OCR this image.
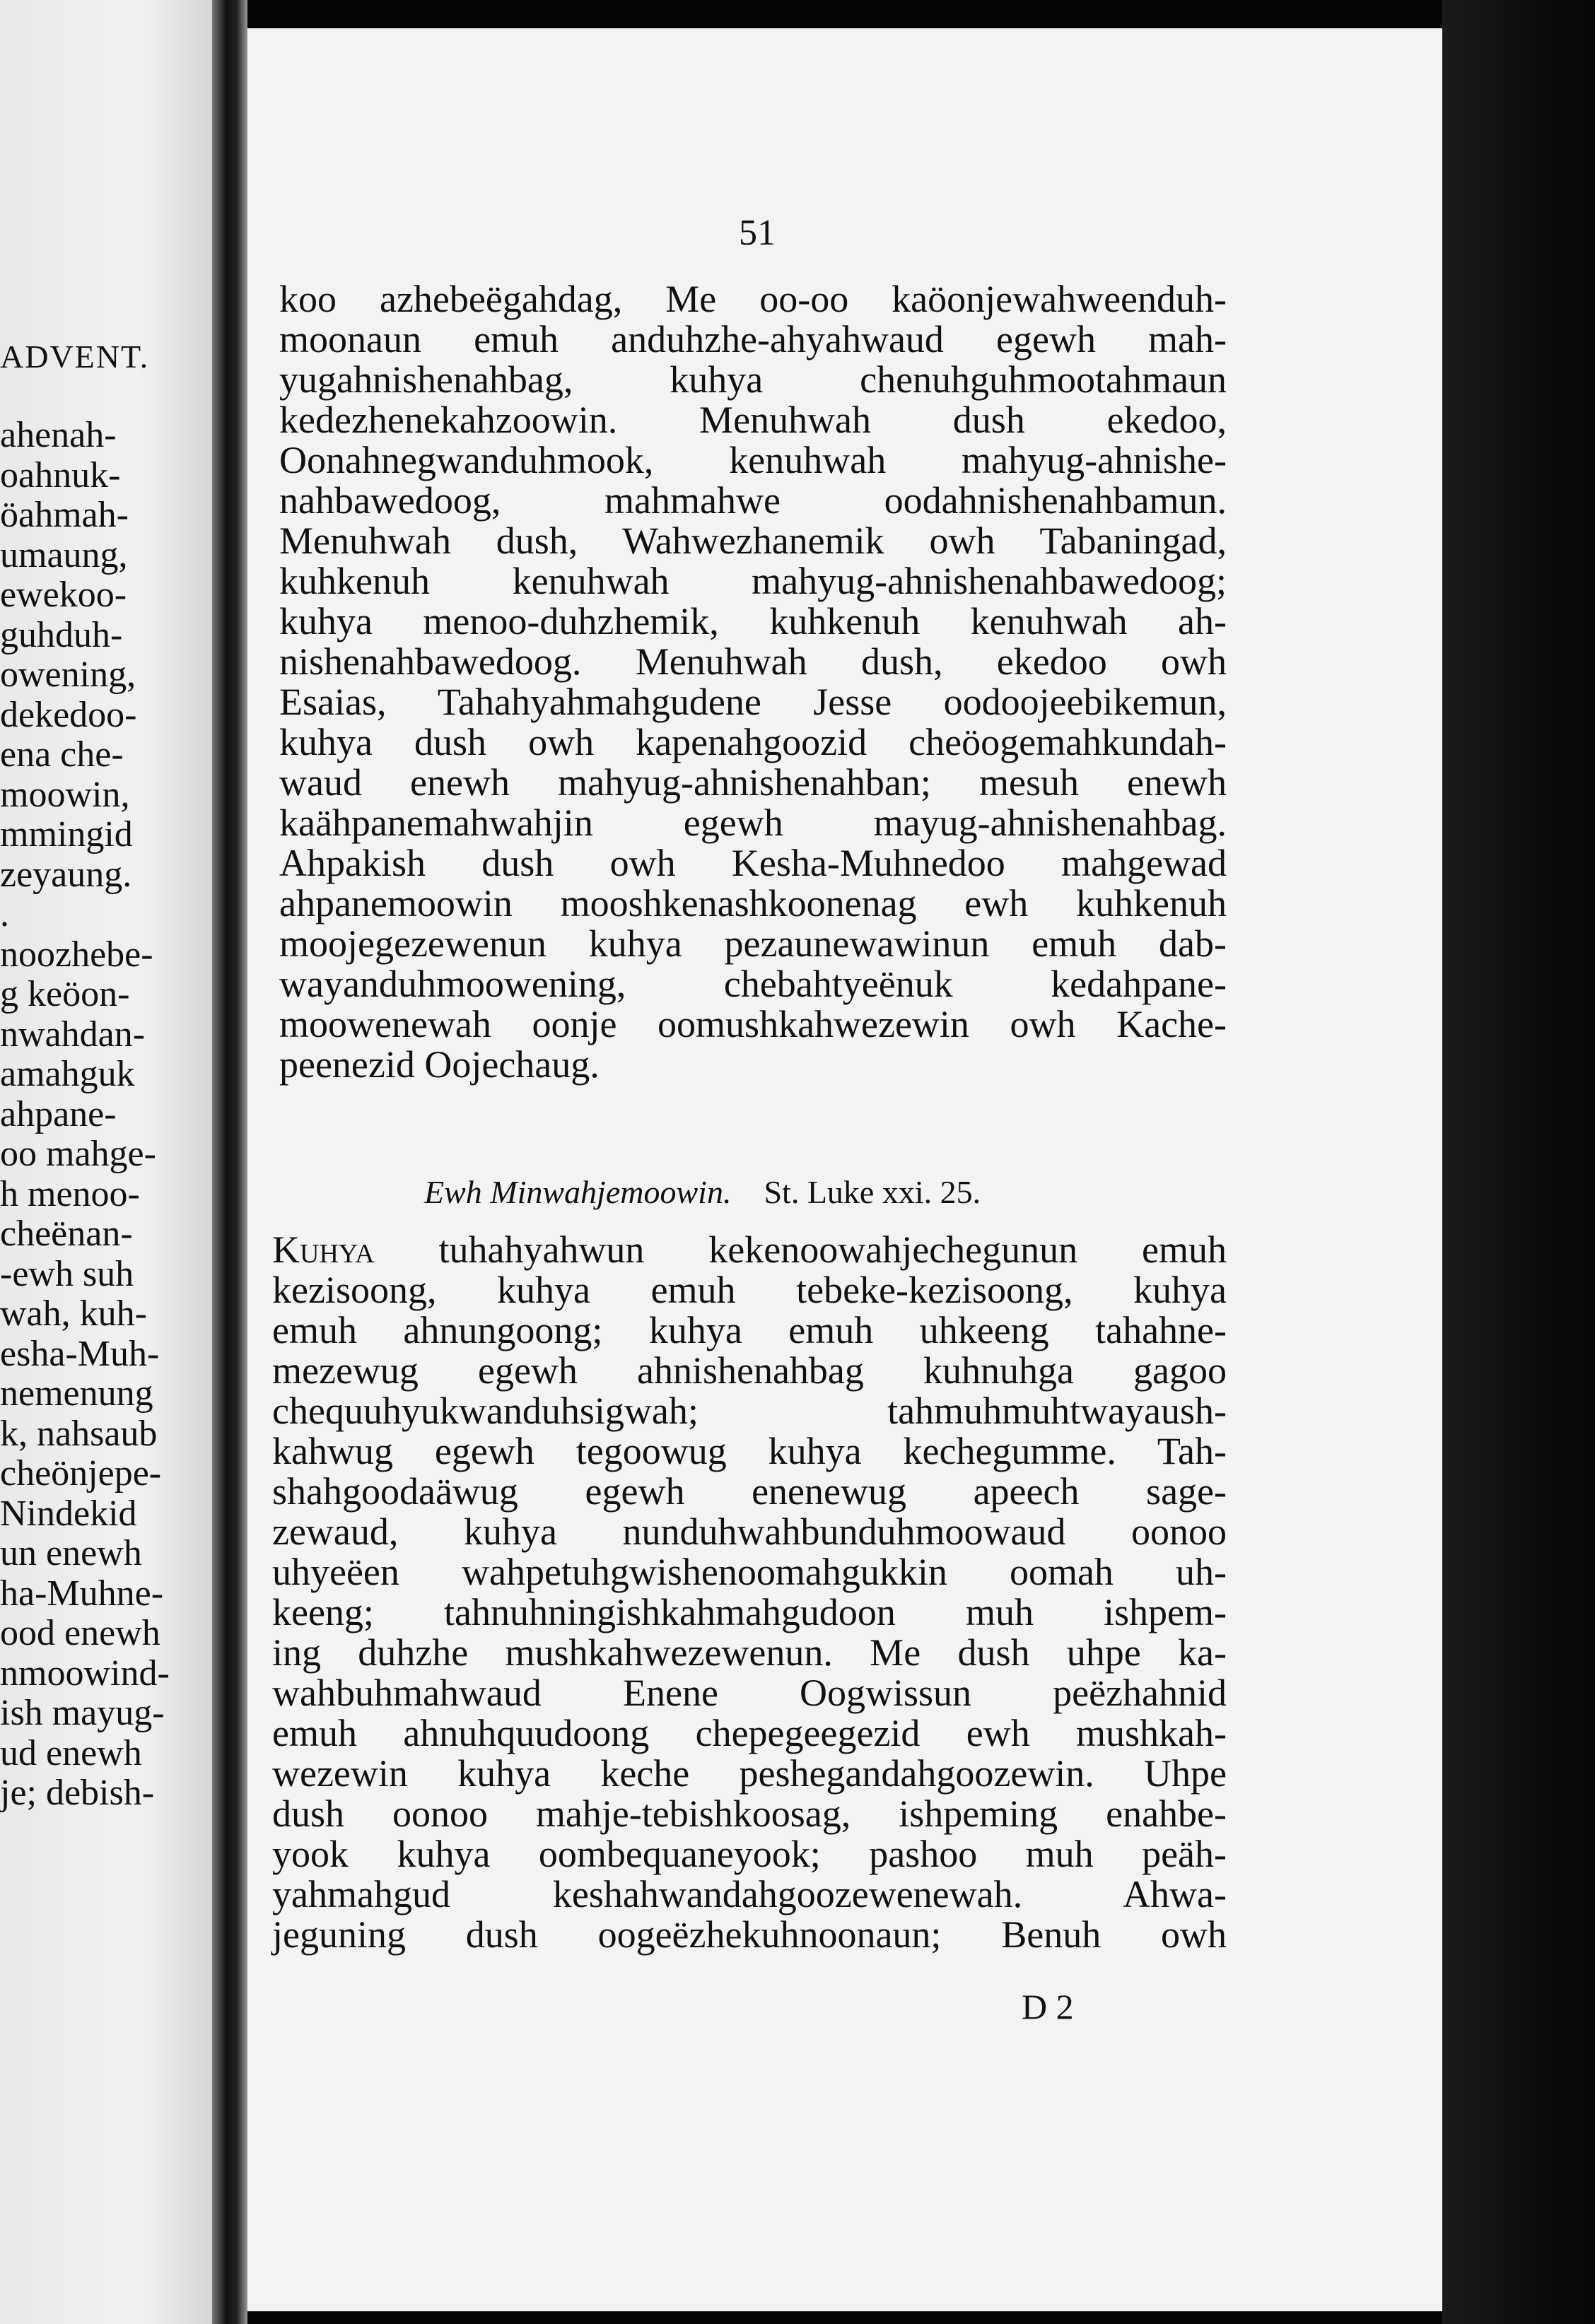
ADVENT.
ahenah-
oahnuk-
öahmah-
umaung,
ewekoo-
guhduh-
owening,
dekedoo-
ena che-
moowin,
mmingid
zeyaung.
.
noozhebe-
g keöon-
nwahdan-
amahguk
ahpane-
oo mahge-
h menoo-
cheënan-
-ewh suh
wah, kuh-
esha-Muh-
nemenung
k, nahsaub
cheönjepe-
Nindekid
un enewh
ha-Muhne-
ood enewh
nmoowind-
ish mayug-
ud enewh
je; debish-
51
koo azhebeëgahdag, Me oo-oo kaöonjewahweenduh-
moonaun emuh anduhzhe-ahyahwaud egewh mah-
yugahnishenahbag, kuhya chenuhguhmootahmaun
kedezhenekahzoowin. Menuhwah dush ekedoo,
Oonahnegwanduhmook, kenuhwah mahyug-ahnishe-
nahbawedoog, mahmahwe oodahnishenahbamun.
Menuhwah dush, Wahwezhanemik owh Tabaningad,
kuhkenuh kenuhwah mahyug-ahnishenahbawedoog;
kuhya menoo-duhzhemik, kuhkenuh kenuhwah ah-
nishenahbawedoog. Menuhwah dush, ekedoo owh
Esaias, Tahahyahmahgudene Jesse oodoojeebikemun,
kuhya dush owh kapenahgoozid cheöogemahkundah-
waud enewh mahyug-ahnishenahban; mesuh enewh
kaähpanemahwahjin egewh mayug-ahnishenahbag.
Ahpakish dush owh Kesha-Muhnedoo mahgewad
ahpanemoowin mooshkenashkoonenag ewh kuhkenuh
moojegezewenun kuhya pezaunewawinun emuh dab-
wayanduhmoowening, chebahtyeënuk kedahpane-
moowenewah oonje oomushkahwezewin owh Kache-
peenezid Oojechaug.
Ewh Minwahjemoowin. St. Luke xxi. 25.
Kuhya tuhahyahwun kekenoowahjechegunun emuh
kezisoong, kuhya emuh tebeke-kezisoong, kuhya
emuh ahnungoong; kuhya emuh uhkeeng tahahne-
mezewug egewh ahnishenahbag kuhnuhga gagoo
chequuhyukwanduhsigwah; tahmuhmuhtwayaush-
kahwug egewh tegoowug kuhya kechegumme. Tah-
shahgoodaäwug egewh enenewug apeech sage-
zewaud, kuhya nunduhwahbunduhmoowaud oonoo
uhyeëen wahpetuhgwishenoomahgukkin oomah uh-
keeng; tahnuhningishkahmahgudoon muh ishpem-
ing duhzhe mushkahwezewenun. Me dush uhpe ka-
wahbuhmahwaud Enene Oogwissun peëzhahnid
emuh ahnuhquudoong chepegeegezid ewh mushkah-
wezewin kuhya keche peshegandahgoozewin. Uhpe
dush oonoo mahje-tebishkoosag, ishpeming enahbe-
yook kuhya oombequaneyook; pashoo muh peäh-
yahmahgud keshahwandahgoozewenewah. Ahwa-
jeguning dush oogeëzhekuhnoonaun; Benuh owh
D 2
